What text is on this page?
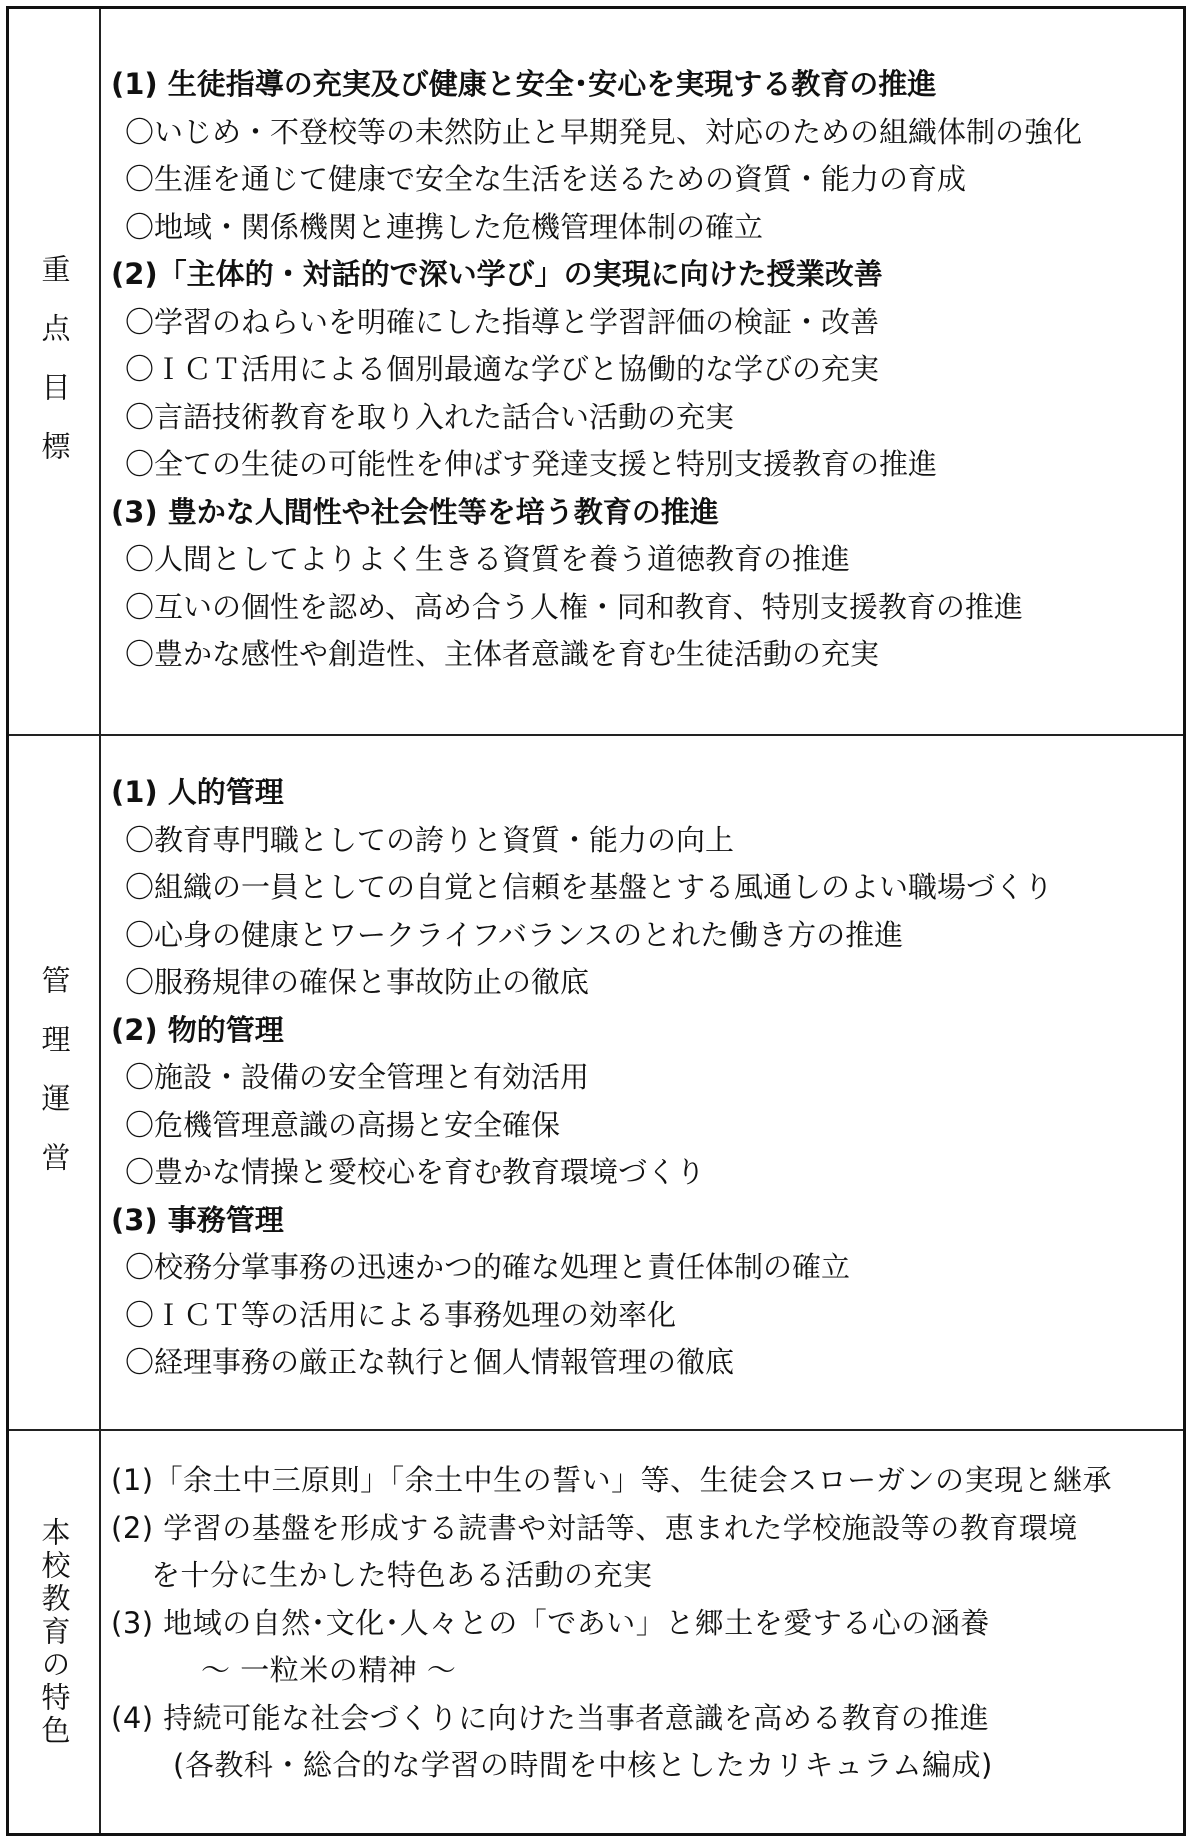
重点目標
(1) 生徒指導の充実及び健康と安全･安心を実現する教育の推進
〇いじめ・不登校等の未然防止と早期発見、対応のための組織体制の強化
〇生涯を通じて健康で安全な生活を送るための資質・能力の育成
〇地域・関係機関と連携した危機管理体制の確立
(2)「主体的・対話的で深い学び」の実現に向けた授業改善
〇学習のねらいを明確にした指導と学習評価の検証・改善
〇ＩＣＴ活用による個別最適な学びと協働的な学びの充実
〇言語技術教育を取り入れた話合い活動の充実
〇全ての生徒の可能性を伸ばす発達支援と特別支援教育の推進
(3) 豊かな人間性や社会性等を培う教育の推進
〇人間としてよりよく生きる資質を養う道徳教育の推進
〇互いの個性を認め、高め合う人権・同和教育、特別支援教育の推進
〇豊かな感性や創造性、主体者意識を育む生徒活動の充実
管理運営
(1) 人的管理
〇教育専門職としての誇りと資質・能力の向上
〇組織の一員としての自覚と信頼を基盤とする風通しのよい職場づくり
〇心身の健康とワークライフバランスのとれた働き方の推進
〇服務規律の確保と事故防止の徹底
(2) 物的管理
〇施設・設備の安全管理と有効活用
〇危機管理意識の高揚と安全確保
〇豊かな情操と愛校心を育む教育環境づくり
(3) 事務管理
〇校務分掌事務の迅速かつ的確な処理と責任体制の確立
〇ＩＣＴ等の活用による事務処理の効率化
〇経理事務の厳正な執行と個人情報管理の徹底
本校教育の特色
(1)「余土中三原則」「余土中生の誓い」等、生徒会スローガンの実現と継承
(2) 学習の基盤を形成する読書や対話等、恵まれた学校施設等の教育環境
を十分に生かした特色ある活動の充実
(3) 地域の自然･文化･人々との「であい」と郷土を愛する心の涵養
～ 一粒米の精神 ～
(4) 持続可能な社会づくりに向けた当事者意識を高める教育の推進
(各教科・総合的な学習の時間を中核としたカリキュラム編成)
